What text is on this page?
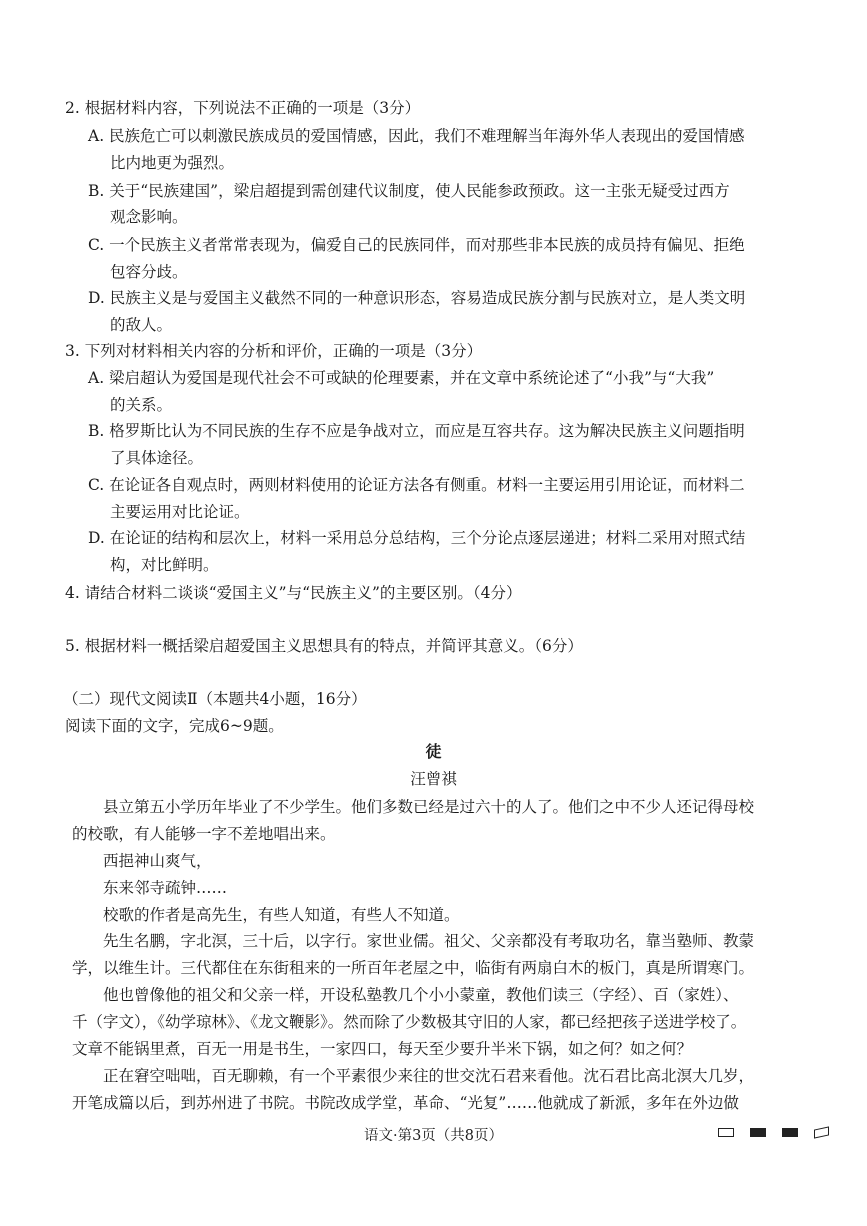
2. 根据材料内容，下列说法不正确的一项是（3分）
A. 民族危亡可以刺激民族成员的爱国情感，因此，我们不难理解当年海外华人表现出的爱国情感
比内地更为强烈。
B. 关于“民族建国”，梁启超提到需创建代议制度，使人民能参政预政。这一主张无疑受过西方
观念影响。
C. 一个民族主义者常常表现为，偏爱自己的民族同伴，而对那些非本民族的成员持有偏见、拒绝
包容分歧。
D. 民族主义是与爱国主义截然不同的一种意识形态，容易造成民族分割与民族对立，是人类文明
的敌人。
3. 下列对材料相关内容的分析和评价，正确的一项是（3分）
A. 梁启超认为爱国是现代社会不可或缺的伦理要素，并在文章中系统论述了“小我”与“大我”
的关系。
B. 格罗斯比认为不同民族的生存不应是争战对立，而应是互容共存。这为解决民族主义问题指明
了具体途径。
C. 在论证各自观点时，两则材料使用的论证方法各有侧重。材料一主要运用引用论证，而材料二
主要运用对比论证。
D. 在论证的结构和层次上，材料一采用总分总结构，三个分论点逐层递进；材料二采用对照式结
构，对比鲜明。
4. 请结合材料二谈谈“爱国主义”与“民族主义”的主要区别。（4分）
5. 根据材料一概括梁启超爱国主义思想具有的特点，并简评其意义。（6分）
（二）现代文阅读Ⅱ（本题共4小题，16分）
阅读下面的文字，完成6~9题。
徒
汪曾祺
县立第五小学历年毕业了不少学生。他们多数已经是过六十的人了。他们之中不少人还记得母校
的校歌，有人能够一字不差地唱出来。
西挹神山爽气，
东来邻寺疏钟……
校歌的作者是高先生，有些人知道，有些人不知道。
先生名鹏，字北溟，三十后，以字行。家世业儒。祖父、父亲都没有考取功名，靠当塾师、教蒙
学，以维生计。三代都住在东街租来的一所百年老屋之中，临街有两扇白木的板门，真是所谓寒门。
他也曾像他的祖父和父亲一样，开设私塾教几个小小蒙童，教他们读三（字经）、百（家姓）、
千（字文），《幼学琼林》、《龙文鞭影》。然而除了少数极其守旧的人家，都已经把孩子送进学校了。
文章不能锅里煮，百无一用是书生，一家四口，每天至少要升半米下锅，如之何？如之何？
正在窘空咄咄，百无聊赖，有一个平素很少来往的世交沈石君来看他。沈石君比高北溟大几岁，
开笔成篇以后，到苏州进了书院。书院改成学堂，革命、“光复”……他就成了新派，多年在外边做
语文·第3页（共8页）
